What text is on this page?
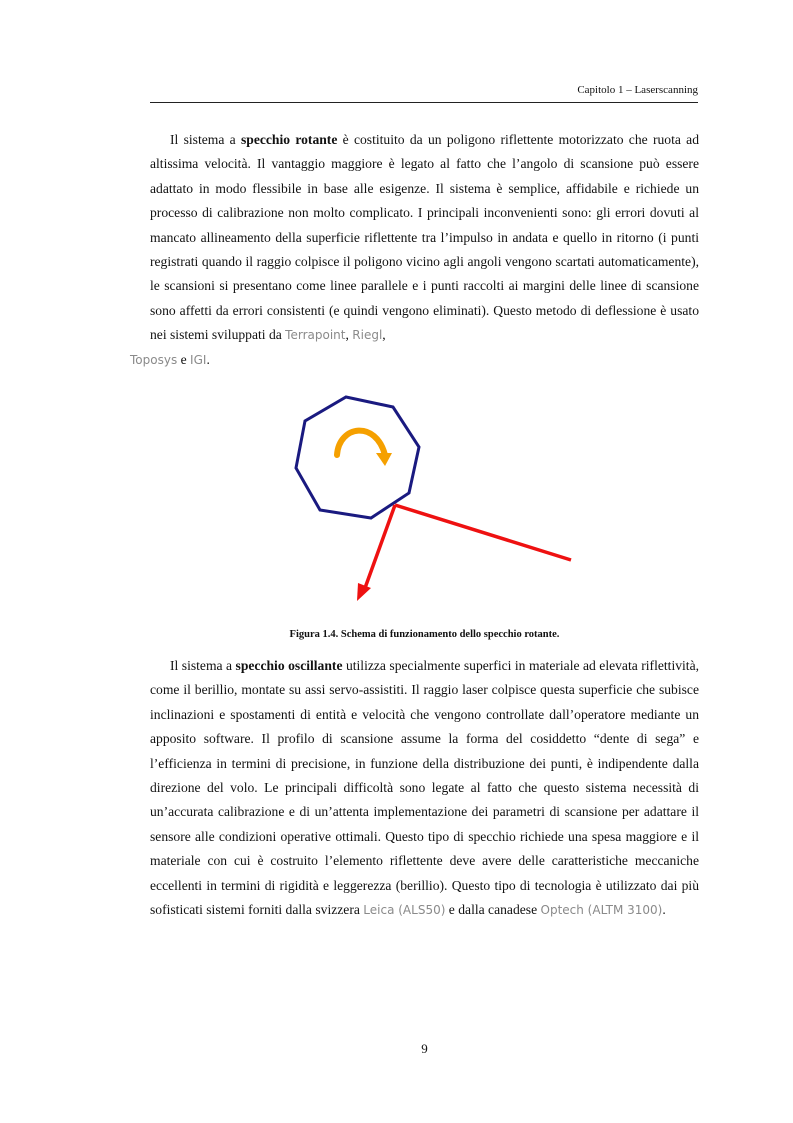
Capitolo 1 – Laserscanning

Il sistema a specchio rotante è costituito da un poligono riflettente motorizzato che ruota ad altissima velocità. Il vantaggio maggiore è legato al fatto che l’angolo di scansione può essere adattato in modo flessibile in base alle esigenze. Il sistema è semplice, affidabile e richiede un processo di calibrazione non molto complicato. I principali inconvenienti sono: gli errori dovuti al mancato allineamento della superficie riflettente tra l’impulso in andata e quello in ritorno (i punti registrati quando il raggio colpisce il poligono vicino agli angoli vengono scartati automaticamente), le scansioni si presentano come linee parallele e i punti raccolti ai margini delle linee di scansione sono affetti da errori consistenti (e quindi vengono eliminati). Questo metodo di deflessione è usato nei sistemi sviluppati da Terrapoint, Riegl,
Toposys e IGI.

Figura 1.4. Schema di funzionamento dello specchio rotante.

Il sistema a specchio oscillante utilizza specialmente superfici in materiale ad elevata riflettività, come il berillio, montate su assi servo-assistiti. Il raggio laser colpisce questa superficie che subisce inclinazioni e spostamenti di entità e velocità che vengono controllate dall’operatore mediante un apposito software. Il profilo di scansione assume la forma del cosiddetto “dente di sega” e l’efficienza in termini di precisione, in funzione della distribuzione dei punti, è indipendente dalla direzione del volo. Le principali difficoltà sono legate al fatto che questo sistema necessità di un’accurata calibrazione e di un’attenta implementazione dei parametri di scansione per adattare il sensore alle condizioni operative ottimali. Questo tipo di specchio richiede una spesa maggiore e il materiale con cui è costruito l’elemento riflettente deve avere delle caratteristiche meccaniche eccellenti in termini di rigidità e leggerezza (berillio). Questo tipo di tecnologia è utilizzato dai più sofisticati sistemi forniti dalla svizzera Leica (ALS50) e dalla canadese Optech (ALTM 3100).

9
